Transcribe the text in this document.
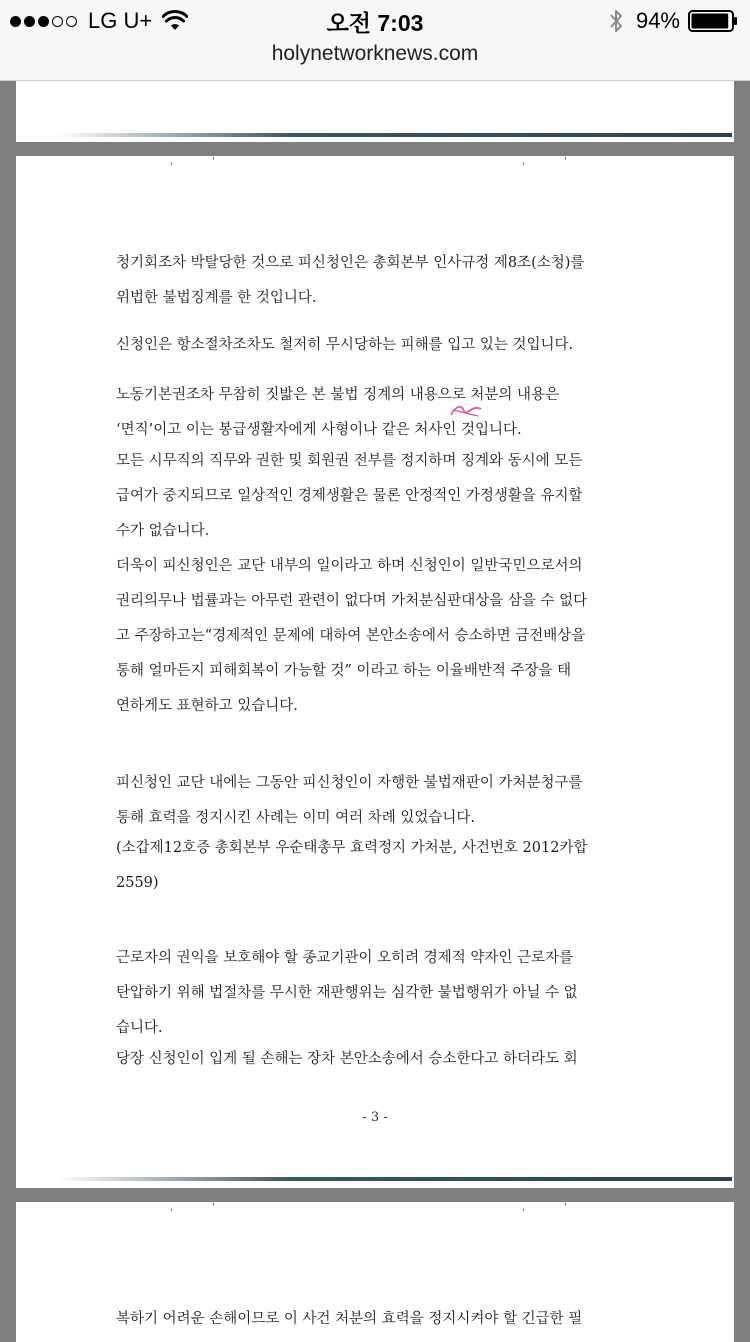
LG U+	오전 7:03	94%
holynetworknews.com
,	'	,	'
청기회조차 박탈당한 것으로 피신청인은 총회본부 인사규정 제8조(소청)를
위법한 불법징계를 한 것입니다.
신청인은 항소절차조차도 철저히 무시당하는 피해를 입고 있는 것입니다.
노동기본권조차 무참히 짓밟은 본 불법 징계의 내용으로 처분의 내용은
‘면직’이고 이는 봉급생활자에게 사형이나 같은 처사인 것입니다.
모든 시무직의 직무와 권한 및 회원권 전부를 정지하며 징계와 동시에 모든
급여가 중지되므로 일상적인 경제생활은 물론 안정적인 가정생활을 유지할
수가 없습니다.
더욱이 피신청인은 교단 내부의 일이라고 하며 신청인이 일반국민으로서의
권리의무나 법률과는 아무런 관련이 없다며 가처분심판대상을 삼을 수 없다
고 주장하고는“경제적인 문제에 대하여 본안소송에서 승소하면 금전배상을
통해 얼마든지 피해회복이 가능할 것” 이라고 하는 이율배반적 주장을 태
연하게도 표현하고 있습니다.
피신청인 교단 내에는 그동안 피신청인이 자행한 불법재판이 가처분청구를
통해 효력을 정지시킨 사례는 이미 여러 차례 있었습니다.
(소갑제12호증 총회본부 우순태총무 효력정지 가처분, 사건번호 2012카합
2559)
근로자의 권익을 보호해야 할 종교기관이 오히려 경제적 약자인 근로자를
탄압하기 위해 법절차를 무시한 재판행위는 심각한 불법행위가 아닐 수 없
습니다.
당장 신청인이 입게 될 손해는 장차 본안소송에서 승소한다고 하더라도 회
- 3 -
,	'	,	'
복하기 어려운 손해이므로 이 사건 처분의 효력을 정지시켜야 할 긴급한 필
